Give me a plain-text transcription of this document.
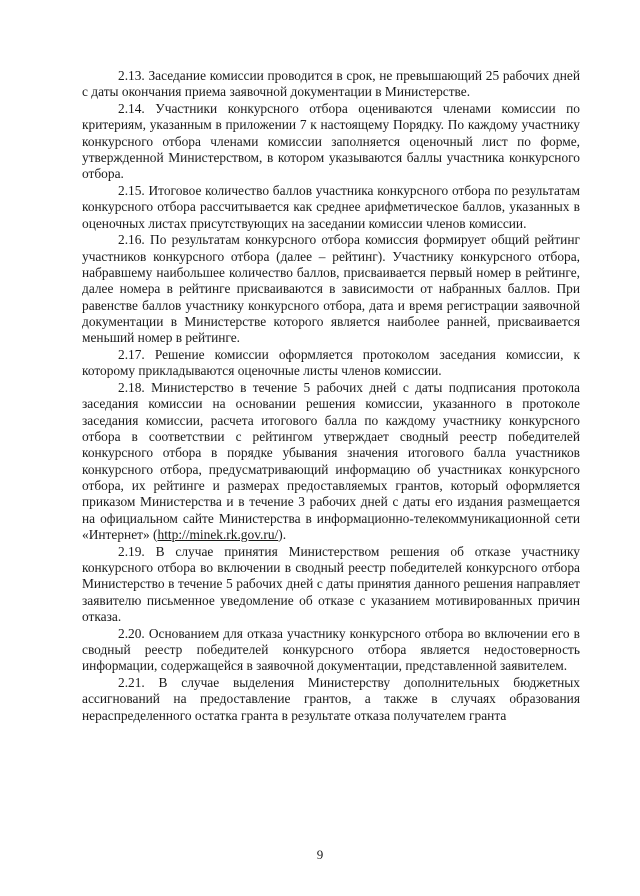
2.13. Заседание комиссии проводится в срок, не превышающий 25 рабочих дней с даты окончания приема заявочной документации в Министерстве.

2.14. Участники конкурсного отбора оцениваются членами комиссии по критериям, указанным в приложении 7 к настоящему Порядку. По каждому участнику конкурсного отбора членами комиссии заполняется оценочный лист по форме, утвержденной Министерством, в котором указываются баллы участника конкурсного отбора.

2.15. Итоговое количество баллов участника конкурсного отбора по результатам конкурсного отбора рассчитывается как среднее арифметическое баллов, указанных в оценочных листах присутствующих на заседании комиссии членов комиссии.

2.16. По результатам конкурсного отбора комиссия формирует общий рейтинг участников конкурсного отбора (далее – рейтинг). Участнику конкурсного отбора, набравшему наибольшее количество баллов, присваивается первый номер в рейтинге, далее номера в рейтинге присваиваются в зависимости от набранных баллов. При равенстве баллов участнику конкурсного отбора, дата и время регистрации заявочной документации в Министерстве которого является наиболее ранней, присваивается меньший номер в рейтинге.

2.17. Решение комиссии оформляется протоколом заседания комиссии, к которому прикладываются оценочные листы членов комиссии.

2.18. Министерство в течение 5 рабочих дней с даты подписания протокола заседания комиссии на основании решения комиссии, указанного в протоколе заседания комиссии, расчета итогового балла по каждому участнику конкурсного отбора в соответствии с рейтингом утверждает сводный реестр победителей конкурсного отбора в порядке убывания значения итогового балла участников конкурсного отбора, предусматривающий информацию об участниках конкурсного отбора, их рейтинге и размерах предоставляемых грантов, который оформляется приказом Министерства и в течение 3 рабочих дней с даты его издания размещается на официальном сайте Министерства в информационно-телекоммуникационной сети «Интернет» (http://minek.rk.gov.ru/).

2.19. В случае принятия Министерством решения об отказе участнику конкурсного отбора во включении в сводный реестр победителей конкурсного отбора Министерство в течение 5 рабочих дней с даты принятия данного решения направляет заявителю письменное уведомление об отказе с указанием мотивированных причин отказа.

2.20. Основанием для отказа участнику конкурсного отбора во включении его в сводный реестр победителей конкурсного отбора является недостоверность информации, содержащейся в заявочной документации, представленной заявителем.

2.21. В случае выделения Министерству дополнительных бюджетных ассигнований на предоставление грантов, а также в случаях образования нераспределенного остатка гранта в результате отказа получателем гранта

9
